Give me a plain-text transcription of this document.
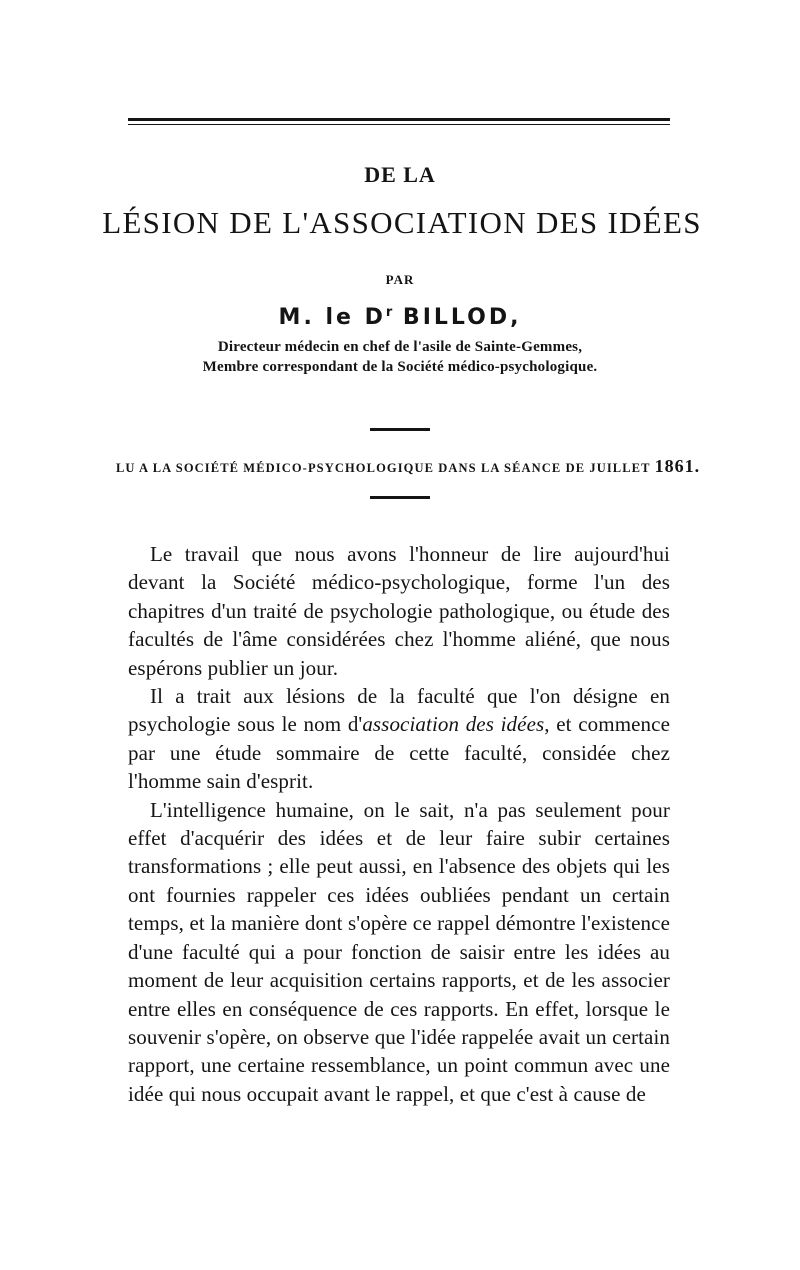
DE LA
LÉSION DE L'ASSOCIATION DES IDÉES
PAR
M. le $D^r$ BILLOD,
Directeur médecin en chef de l'asile de Sainte-Gemmes,
Membre correspondant de la Société médico-psychologique.
LU A LA SOCIÉTÉ MÉDICO-PSYCHOLOGIQUE DANS LA SÉANCE DE JUILLET 1861.

Le travail que nous avons l'honneur de lire aujourd'hui devant la Société médico-psychologique, forme l'un des chapitres d'un traité de psychologie pathologique, ou étude des facultés de l'âme considérées chez l'homme aliéné, que nous espérons publier un jour.

Il a trait aux lésions de la faculté que l'on désigne en psychologie sous le nom d'association des idées, et commence par une étude sommaire de cette faculté, considée chez l'homme sain d'esprit.

L'intelligence humaine, on le sait, n'a pas seulement pour effet d'acquérir des idées et de leur faire subir certaines transformations ; elle peut aussi, en l'absence des objets qui les ont fournies rappeler ces idées oubliées pendant un certain temps, et la manière dont s'opère ce rappel démontre l'existence d'une faculté qui a pour fonction de saisir entre les idées au moment de leur acquisition certains rapports, et de les associer entre elles en conséquence de ces rapports. En effet, lorsque le souvenir s'opère, on observe que l'idée rappelée avait un certain rapport, une certaine ressemblance, un point commun avec une idée qui nous occupait avant le rappel, et que c'est à cause de
